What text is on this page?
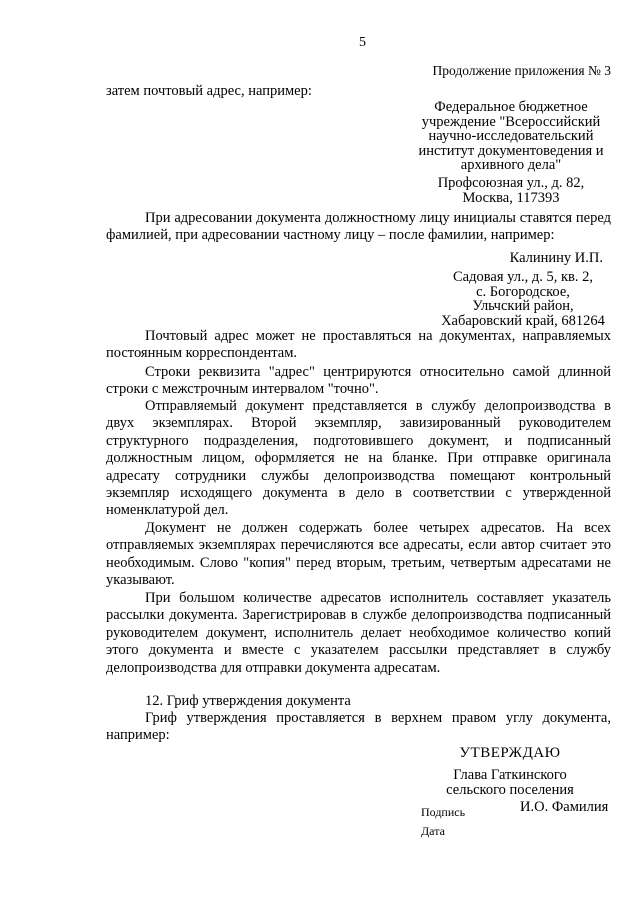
5
Продолжение приложения № 3

затем почтовый адрес, например:

Федеральное бюджетное
учреждение "Всероссийский
научно-исследовательский
институт документоведения и
архивного дела"
Профсоюзная ул., д. 82,
Москва, 117393

При адресовании документа должностному лицу инициалы ставятся перед фамилией, при адресовании частному лицу – после фамилии, например:

Калинину И.П.
Садовая ул., д. 5, кв. 2,
с. Богородское,
Ульчский район,
Хабаровский край, 681264

Почтовый адрес может не проставляться на документах, направляемых постоянным корреспондентам.

Строки реквизита "адрес" центрируются относительно самой длинной строки с межстрочным интервалом "точно".

Отправляемый документ представляется в службу делопроизводства в двух экземплярах. Второй экземпляр, завизированный руководителем структурного подразделения, подготовившего документ, и подписанный должностным лицом, оформляется не на бланке. При отправке оригинала адресату сотрудники службы делопроизводства помещают контрольный экземпляр исходящего документа в дело в соответствии с утвержденной номенклатурой дел.

Документ не должен содержать более четырех адресатов. На всех отправляемых экземплярах перечисляются все адресаты, если автор считает это необходимым. Слово "копия" перед вторым, третьим, четвертым адресатами не указывают.

При большом количестве адресатов исполнитель составляет указатель рассылки документа. Зарегистрировав в службе делопроизводства подписанный руководителем документ, исполнитель делает необходимое количество копий этого документа и вместе с указателем рассылки представляет в службу делопроизводства для отправки документа адресатам.

12. Гриф утверждения документа

Гриф утверждения проставляется в верхнем правом углу документа, например:

УТВЕРЖДАЮ
Глава Гаткинского
сельского поселения
Подпись	И.О. Фамилия
Дата
